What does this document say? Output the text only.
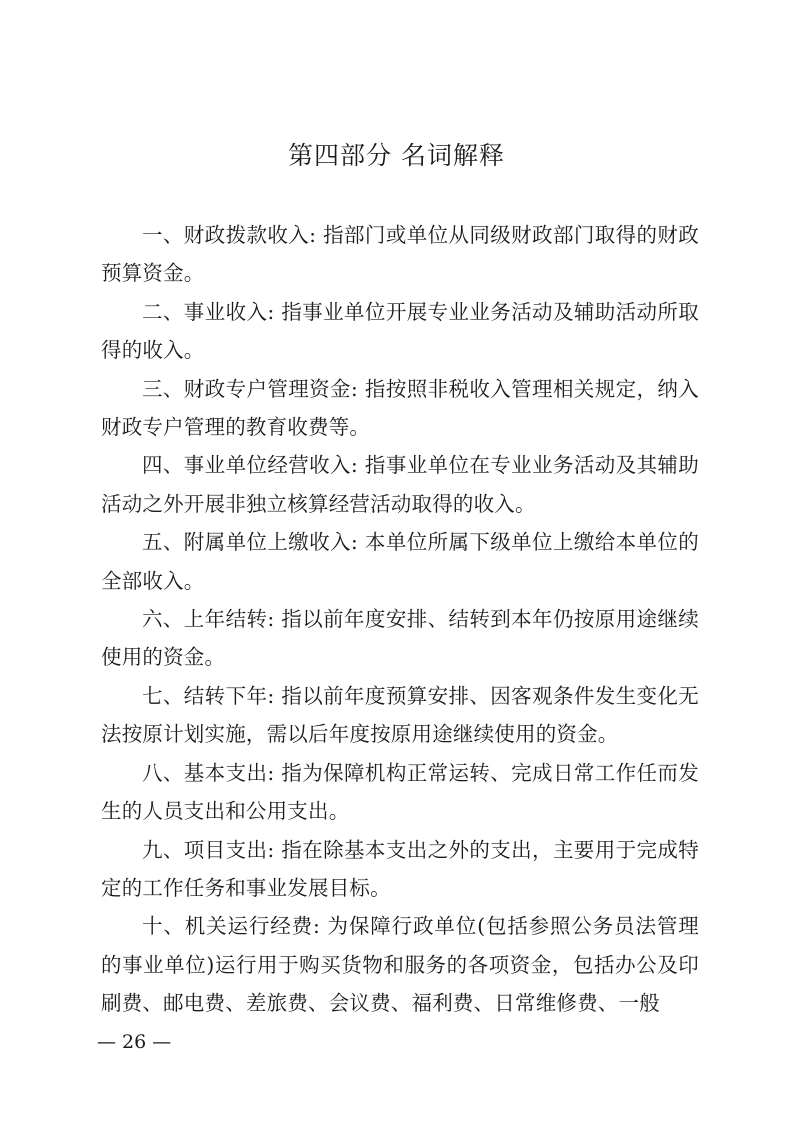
第四部分 名词解释

一、财政拨款收入: 指部门或单位从同级财政部门取得的财政预算资金。

二、事业收入: 指事业单位开展专业业务活动及辅助活动所取得的收入。

三、财政专户管理资金: 指按照非税收入管理相关规定，纳入财政专户管理的教育收费等。

四、事业单位经营收入: 指事业单位在专业业务活动及其辅助活动之外开展非独立核算经营活动取得的收入。

五、附属单位上缴收入: 本单位所属下级单位上缴给本单位的全部收入。

六、上年结转: 指以前年度安排、结转到本年仍按原用途继续使用的资金。

七、结转下年: 指以前年度预算安排、因客观条件发生变化无法按原计划实施，需以后年度按原用途继续使用的资金。

八、基本支出: 指为保障机构正常运转、完成日常工作任而发生的人员支出和公用支出。

九、项目支出: 指在除基本支出之外的支出，主要用于完成特定的工作任务和事业发展目标。

十、机关运行经费: 为保障行政单位(包括参照公务员法管理的事业单位)运行用于购买货物和服务的各项资金，包括办公及印刷费、邮电费、差旅费、会议费、福利费、日常维修费、一般

— 26 —
